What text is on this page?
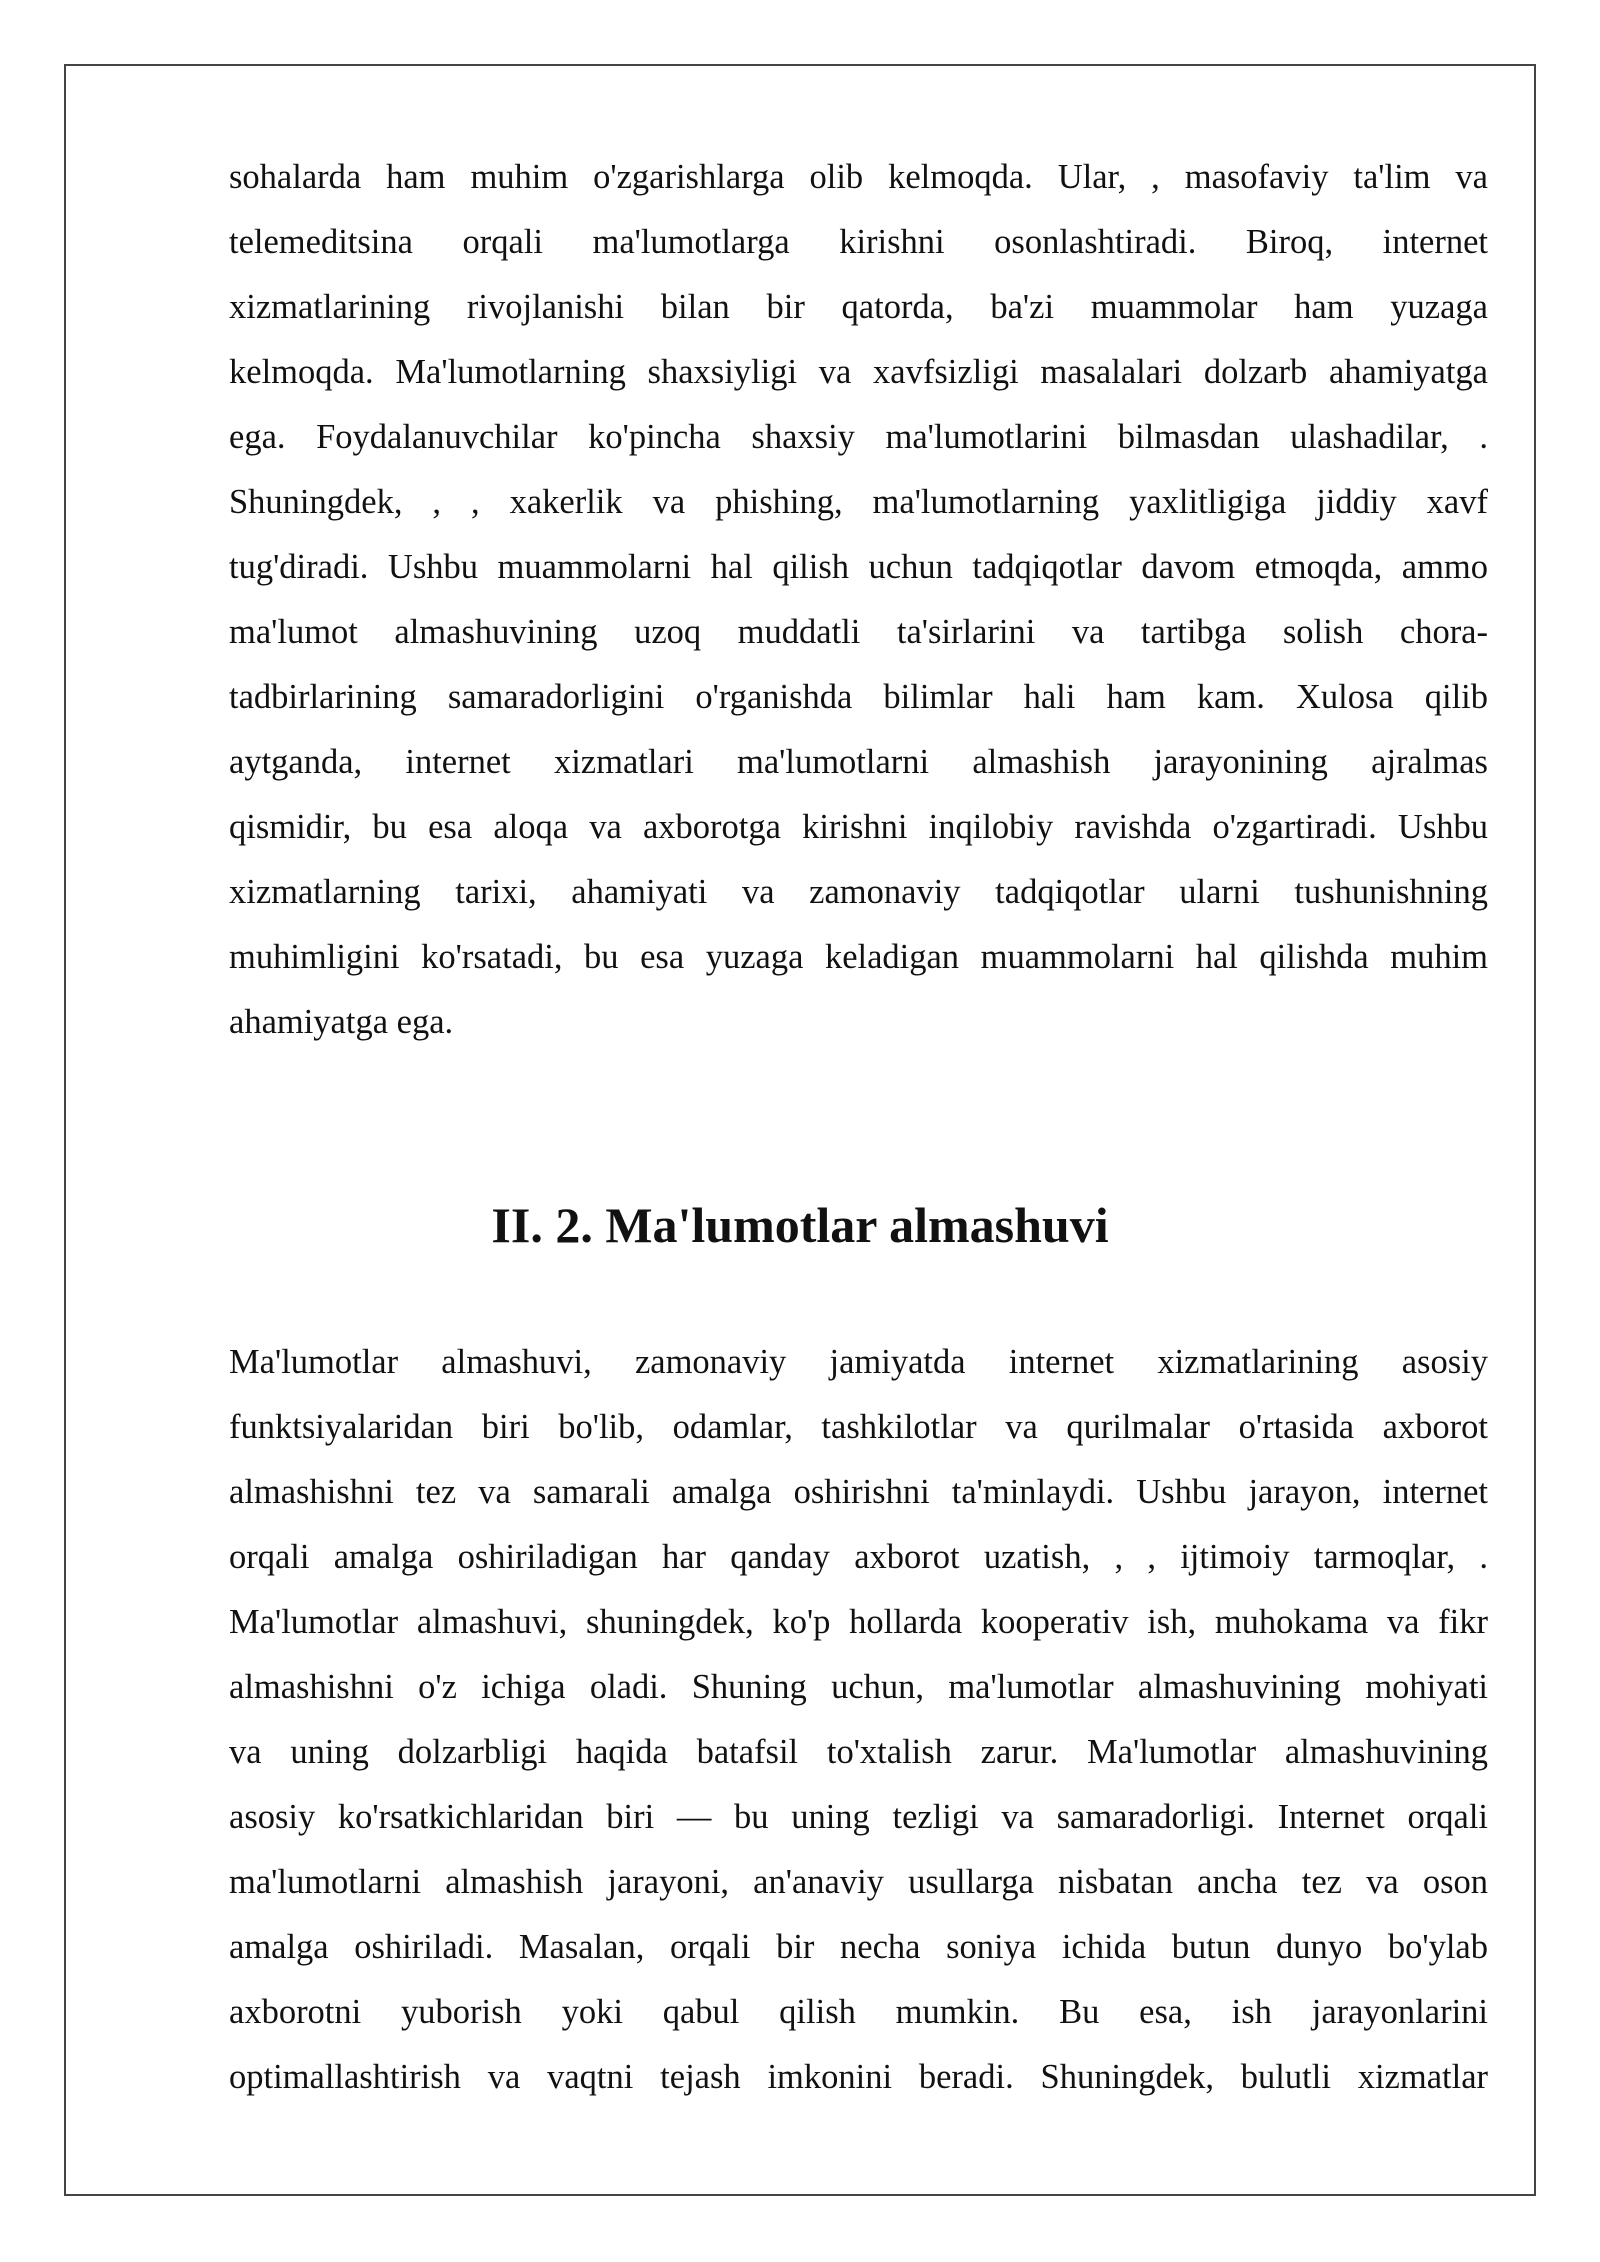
sohalarda ham muhim o'zgarishlarga olib kelmoqda. Ular, , masofaviy ta'lim va
telemeditsina orqali ma'lumotlarga kirishni osonlashtiradi. Biroq, internet
xizmatlarining rivojlanishi bilan bir qatorda, ba'zi muammolar ham yuzaga
kelmoqda. Ma'lumotlarning shaxsiyligi va xavfsizligi masalalari dolzarb ahamiyatga
ega. Foydalanuvchilar ko'pincha shaxsiy ma'lumotlarini bilmasdan ulashadilar, .
Shuningdek, , , xakerlik va phishing, ma'lumotlarning yaxlitligiga jiddiy xavf
tug'diradi. Ushbu muammolarni hal qilish uchun tadqiqotlar davom etmoqda, ammo
ma'lumot almashuvining uzoq muddatli ta'sirlarini va tartibga solish chora-
tadbirlarining samaradorligini o'rganishda bilimlar hali ham kam. Xulosa qilib
aytganda, internet xizmatlari ma'lumotlarni almashish jarayonining ajralmas
qismidir, bu esa aloqa va axborotga kirishni inqilobiy ravishda o'zgartiradi. Ushbu
xizmatlarning tarixi, ahamiyati va zamonaviy tadqiqotlar ularni tushunishning
muhimligini ko'rsatadi, bu esa yuzaga keladigan muammolarni hal qilishda muhim
ahamiyatga ega.
II. 2. Ma'lumotlar almashuvi
Ma'lumotlar almashuvi, zamonaviy jamiyatda internet xizmatlarining asosiy
funktsiyalaridan biri bo'lib, odamlar, tashkilotlar va qurilmalar o'rtasida axborot
almashishni tez va samarali amalga oshirishni ta'minlaydi. Ushbu jarayon, internet
orqali amalga oshiriladigan har qanday axborot uzatish, , , ijtimoiy tarmoqlar, .
Ma'lumotlar almashuvi, shuningdek, ko'p hollarda kooperativ ish, muhokama va fikr
almashishni o'z ichiga oladi. Shuning uchun, ma'lumotlar almashuvining mohiyati
va uning dolzarbligi haqida batafsil to'xtalish zarur. Ma'lumotlar almashuvining
asosiy ko'rsatkichlaridan biri — bu uning tezligi va samaradorligi. Internet orqali
ma'lumotlarni almashish jarayoni, an'anaviy usullarga nisbatan ancha tez va oson
amalga oshiriladi. Masalan, orqali bir necha soniya ichida butun dunyo bo'ylab
axborotni yuborish yoki qabul qilish mumkin. Bu esa, ish jarayonlarini
optimallashtirish va vaqtni tejash imkonini beradi. Shuningdek, bulutli xizmatlar
